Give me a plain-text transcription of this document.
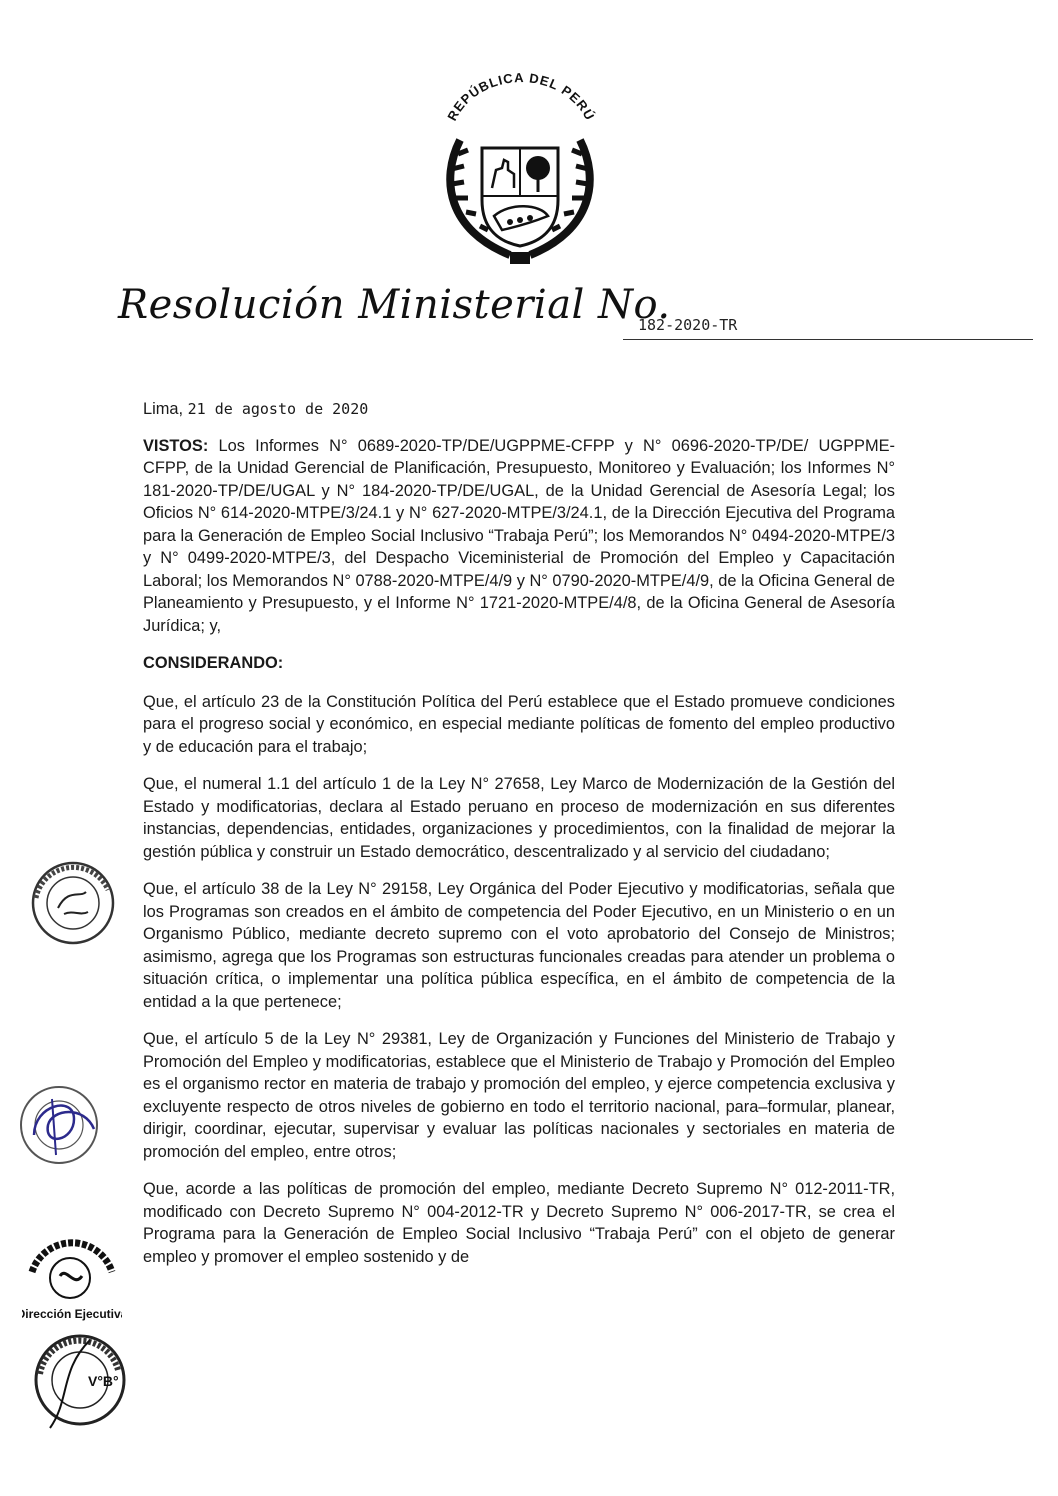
REPÚBLICA DEL PERÚ
Resolución Ministerial No.
182-2020-TR
Lima, 21 de agosto de 2020

VISTOS: Los Informes N° 0689-2020-TP/DE/UGPPME-CFPP y N° 0696-2020-TP/DE/ UGPPME-CFPP, de la Unidad Gerencial de Planificación, Presupuesto, Monitoreo y Evaluación; los Informes N° 181-2020-TP/DE/UGAL y N° 184-2020-TP/DE/UGAL, de la Unidad Gerencial de Asesoría Legal; los Oficios N° 614-2020-MTPE/3/24.1 y N° 627-2020-MTPE/3/24.1, de la Dirección Ejecutiva del Programa para la Generación de Empleo Social Inclusivo “Trabaja Perú”; los Memorandos N° 0494-2020-MTPE/3 y N° 0499-2020-MTPE/3, del Despacho Viceministerial de Promoción del Empleo y Capacitación Laboral; los Memorandos N° 0788-2020-MTPE/4/9 y N° 0790-2020-MTPE/4/9, de la Oficina General de Planeamiento y Presupuesto, y el Informe N° 1721-2020-MTPE/4/8, de la Oficina General de Asesoría Jurídica; y,

CONSIDERANDO:

Que, el artículo 23 de la Constitución Política del Perú establece que el Estado promueve condiciones para el progreso social y económico, en especial mediante políticas de fomento del empleo productivo y de educación para el trabajo;

Que, el numeral 1.1 del artículo 1 de la Ley N° 27658, Ley Marco de Modernización de la Gestión del Estado y modificatorias, declara al Estado peruano en proceso de modernización en sus diferentes instancias, dependencias, entidades, organizaciones y procedimientos, con la finalidad de mejorar la gestión pública y construir un Estado democrático, descentralizado y al servicio del ciudadano;

Que, el artículo 38 de la Ley N° 29158, Ley Orgánica del Poder Ejecutivo y modificatorias, señala que los Programas son creados en el ámbito de competencia del Poder Ejecutivo, en un Ministerio o en un Organismo Público, mediante decreto supremo con el voto aprobatorio del Consejo de Ministros; asimismo, agrega que los Programas son estructuras funcionales creadas para atender un problema o situación crítica, o implementar una política pública específica, en el ámbito de competencia de la entidad a la que pertenece;

Que, el artículo 5 de la Ley N° 29381, Ley de Organización y Funciones del Ministerio de Trabajo y Promoción del Empleo y modificatorias, establece que el Ministerio de Trabajo y Promoción del Empleo es el organismo rector en materia de trabajo y promoción del empleo, y ejerce competencia exclusiva y excluyente respecto de otros niveles de gobierno en todo el territorio nacional, para–formular, planear, dirigir, coordinar, ejecutar, supervisar y evaluar las políticas nacionales y sectoriales en materia de promoción del empleo, entre otros;

Que, acorde a las políticas de promoción del empleo, mediante Decreto Supremo N° 012-2011-TR, modificado con Decreto Supremo N° 004-2012-TR y Decreto Supremo N° 006-2017-TR, se crea el Programa para la Generación de Empleo Social Inclusivo “Trabaja Perú” con el objeto de generar empleo y promover el empleo sostenido y de

Dirección Ejecutiva
V°B°
